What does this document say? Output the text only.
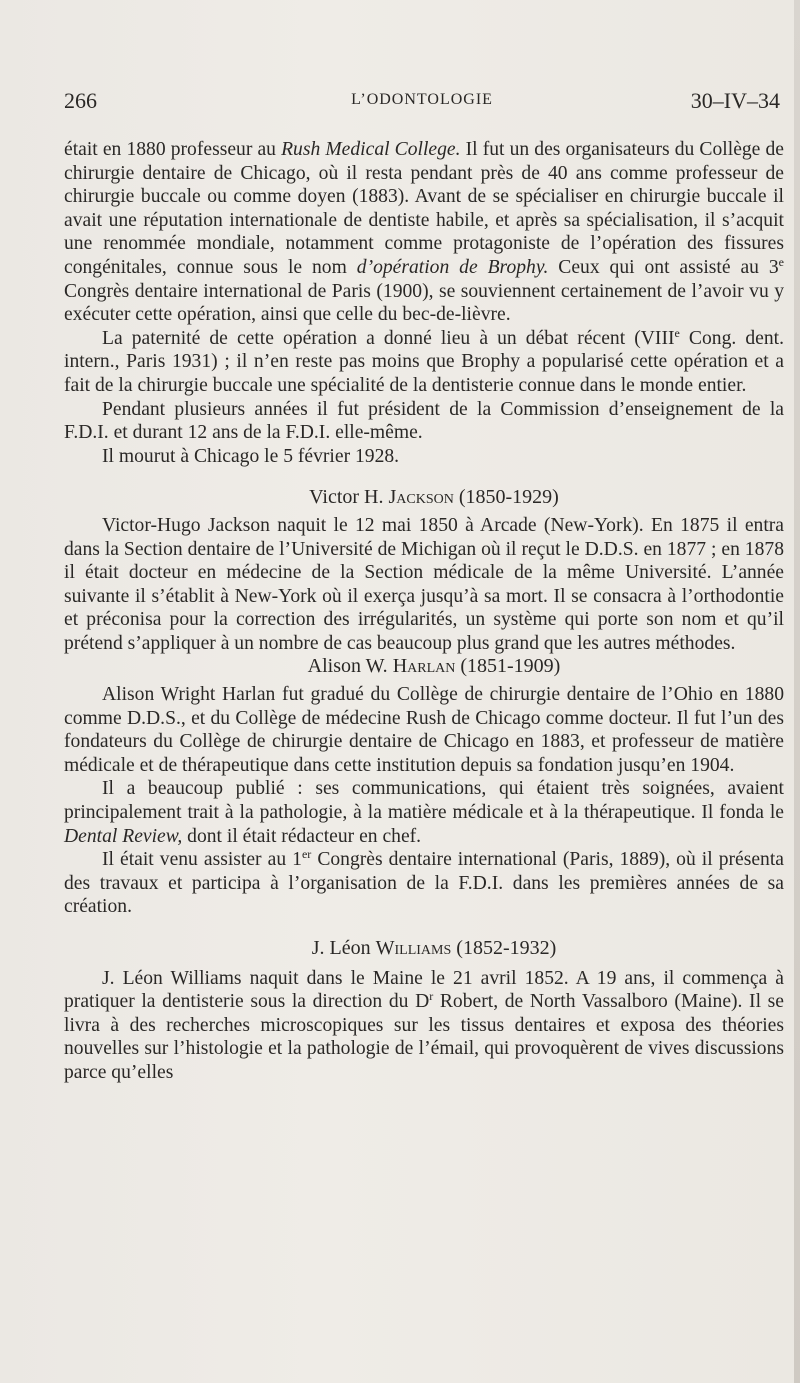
266	L’ODONTOLOGIE	30–IV–34

était en 1880 professeur au Rush Medical College. Il fut un des organisateurs du Collège de chirurgie dentaire de Chicago, où il resta pendant près de 40 ans comme professeur de chirurgie buccale ou comme doyen (1883). Avant de se spécialiser en chirurgie buccale il avait une réputation internationale de dentiste habile, et après sa spécialisation, il s’acquit une renommée mondiale, notamment comme protagoniste de l’opération des fissures congénitales, connue sous le nom d’opération de Brophy. Ceux qui ont assisté au 3e Congrès dentaire international de Paris (1900), se souviennent certainement de l’avoir vu y exécuter cette opération, ainsi que celle du bec-de-lièvre.

La paternité de cette opération a donné lieu à un débat récent (VIIIe Cong. dent. intern., Paris 1931) ; il n’en reste pas moins que Brophy a popularisé cette opération et a fait de la chirurgie buccale une spécialité de la dentisterie connue dans le monde entier.

Pendant plusieurs années il fut président de la Commission d’enseignement de la F.D.I. et durant 12 ans de la F.D.I. elle-même.

Il mourut à Chicago le 5 février 1928.

Victor H. Jackson (1850-1929)

Victor-Hugo Jackson naquit le 12 mai 1850 à Arcade (New-York). En 1875 il entra dans la Section dentaire de l’Université de Michigan où il reçut le D.D.S. en 1877 ; en 1878 il était docteur en médecine de la Section médicale de la même Université. L’année suivante il s’établit à New-York où il exerça jusqu’à sa mort. Il se consacra à l’orthodontie et préconisa pour la correction des irrégularités, un système qui porte son nom et qu’il prétend s’appliquer à un nombre de cas beaucoup plus grand que les autres méthodes.

Alison W. Harlan (1851-1909)

Alison Wright Harlan fut gradué du Collège de chirurgie dentaire de l’Ohio en 1880 comme D.D.S., et du Collège de médecine Rush de Chicago comme docteur. Il fut l’un des fondateurs du Collège de chirurgie dentaire de Chicago en 1883, et professeur de matière médicale et de thérapeutique dans cette institution depuis sa fondation jusqu’en 1904.

Il a beaucoup publié : ses communications, qui étaient très soignées, avaient principalement trait à la pathologie, à la matière médicale et à la thérapeutique. Il fonda le Dental Review, dont il était rédacteur en chef.

Il était venu assister au 1er Congrès dentaire international (Paris, 1889), où il présenta des travaux et participa à l’organisation de la F.D.I. dans les premières années de sa création.

J. Léon Williams (1852-1932)

J. Léon Williams naquit dans le Maine le 21 avril 1852. A 19 ans, il commença à pratiquer la dentisterie sous la direction du $D^r$ Robert, de North Vassalboro (Maine). Il se livra à des recherches microscopiques sur les tissus dentaires et exposa des théories nouvelles sur l’histologie et la pathologie de l’émail, qui provoquèrent de vives discussions parce qu’elles
